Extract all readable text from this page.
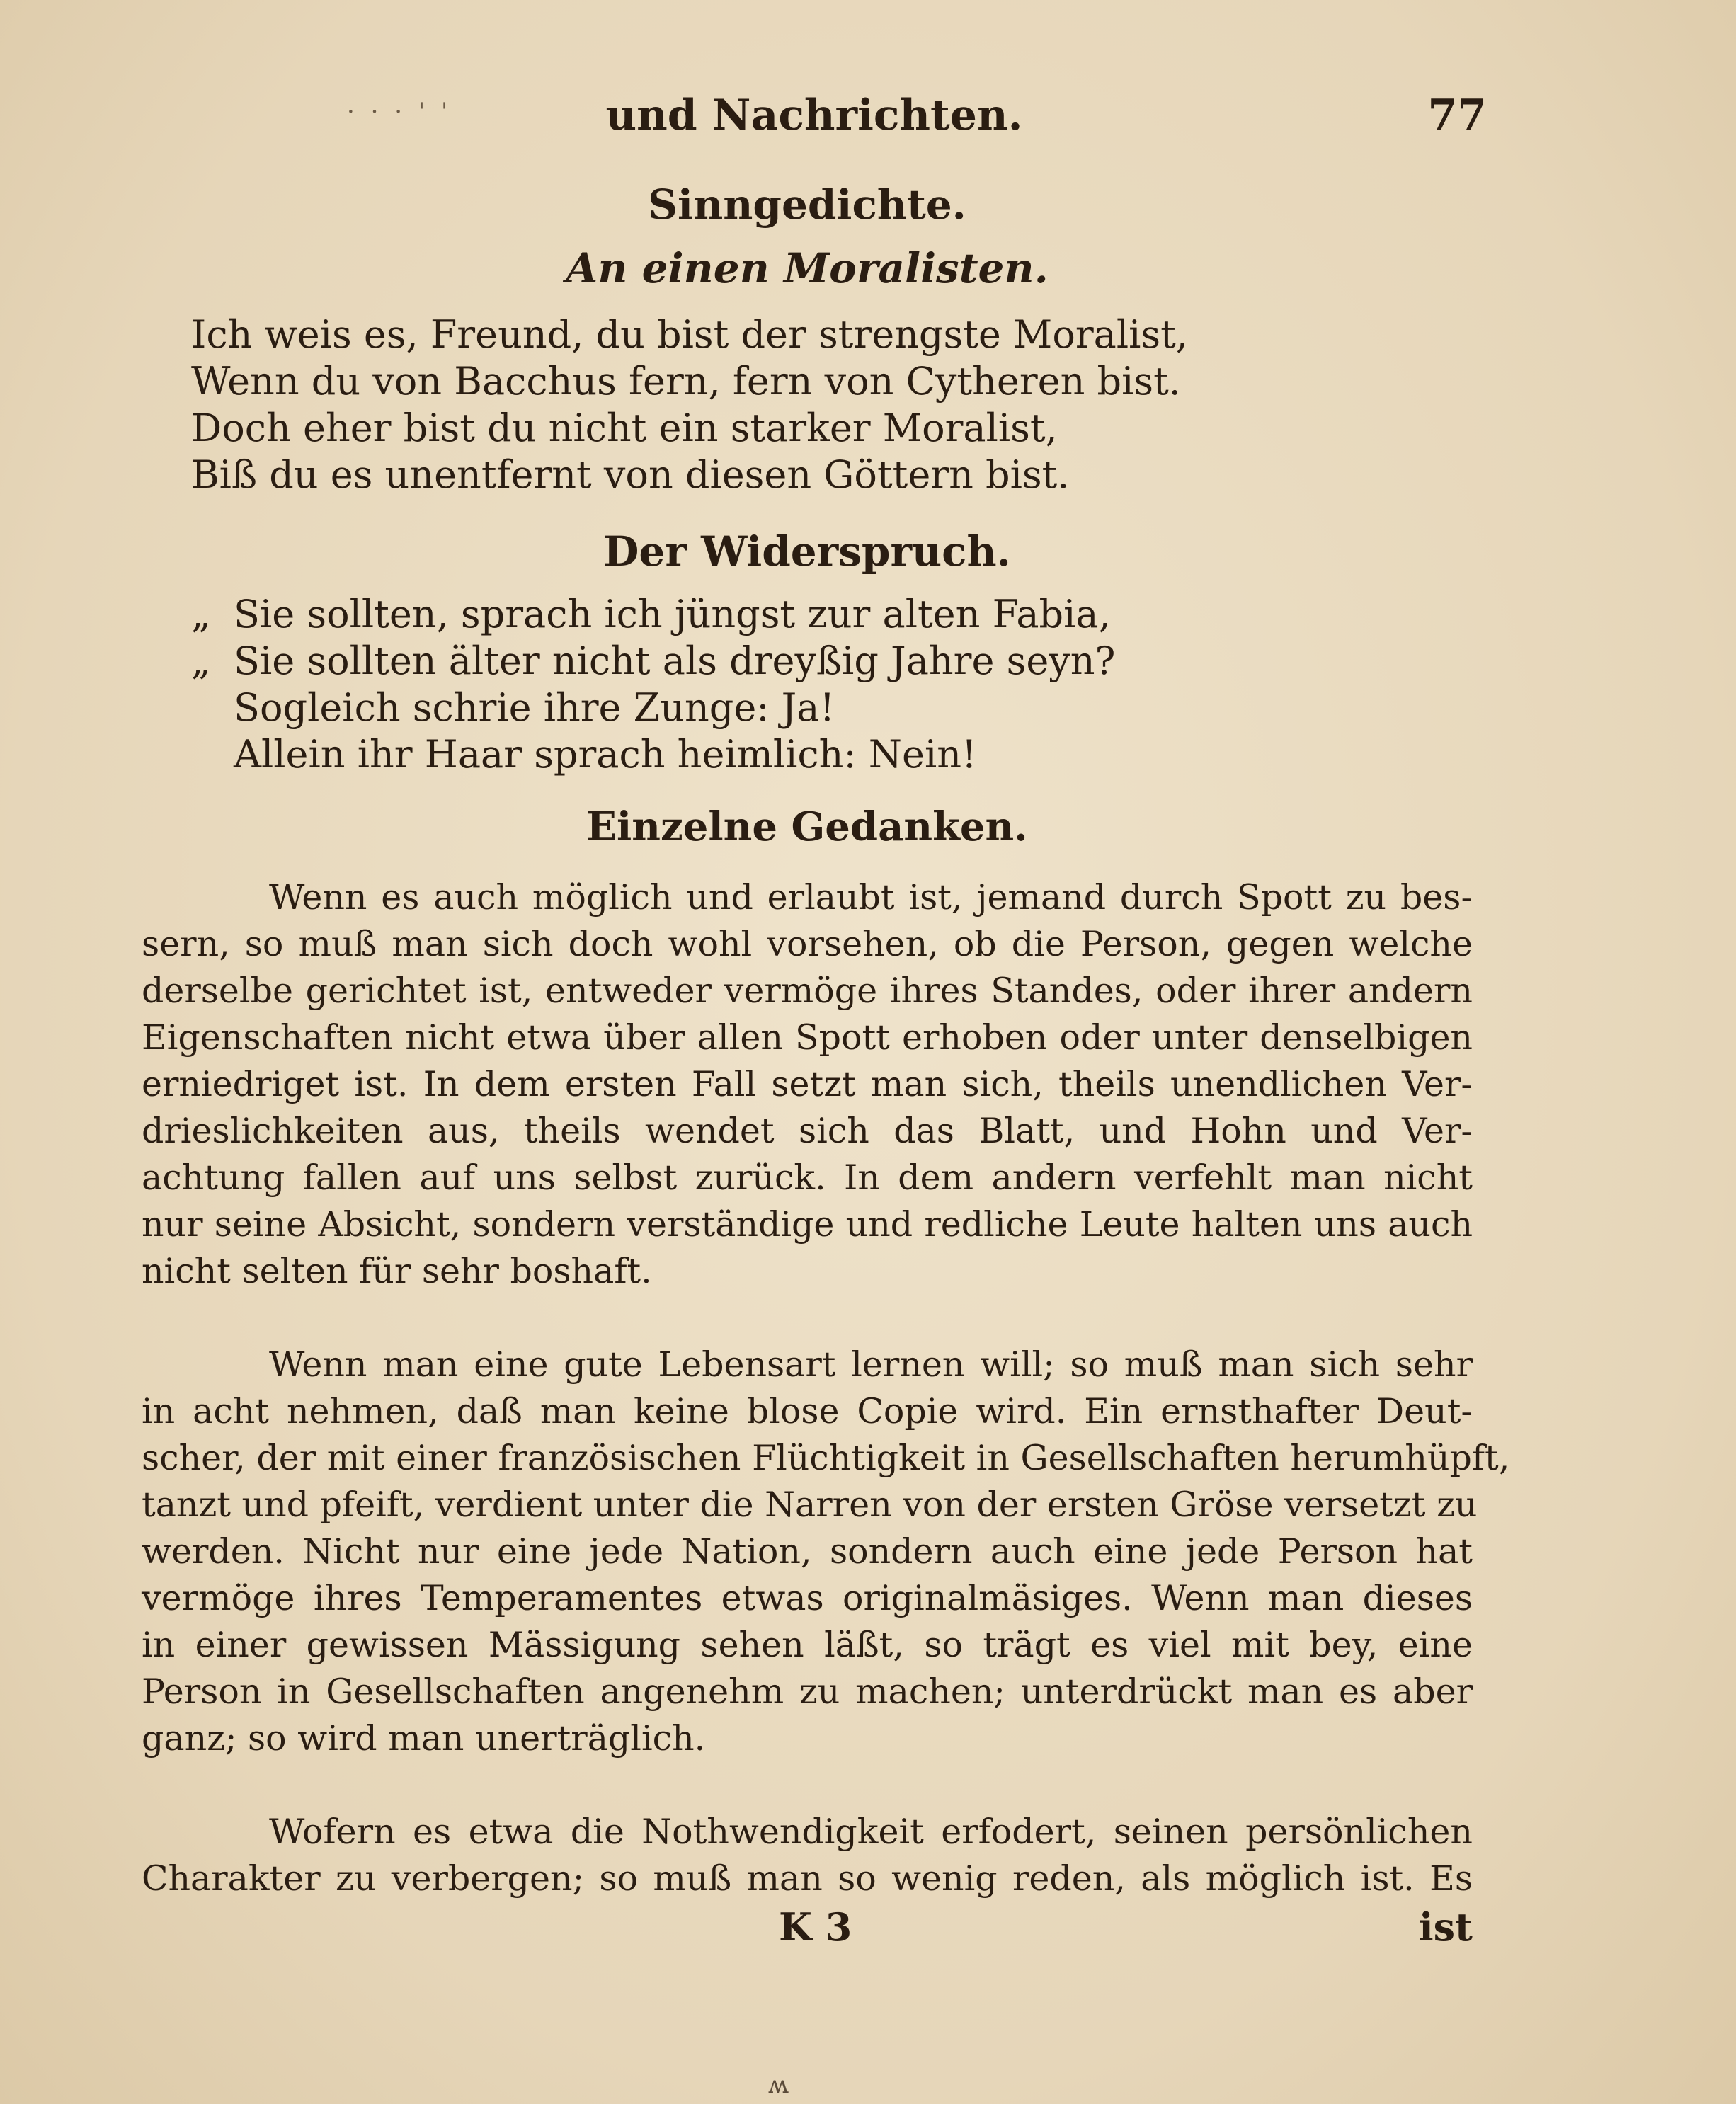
· · · ' '	und Nachrichten.	77
Sinngedichte.
An einen Moralisten.
Ich weis es, Freund, du bist der strengste Moralist,
Wenn du von Bacchus fern, fern von Cytheren bist.
Doch eher bist du nicht ein starker Moralist,
Biß du es unentfernt von diesen Göttern bist.
Der Widerspruch.
„ Sie sollten, sprach ich jüngst zur alten Fabia,
„ Sie sollten älter nicht als dreyßig Jahre seyn?
Sogleich schrie ihre Zunge: Ja!
Allein ihr Haar sprach heimlich: Nein!
Einzelne Gedanken.
Wenn es auch möglich und erlaubt ist, jemand durch Spott zu bes-
sern, so muß man sich doch wohl vorsehen, ob die Person, gegen welche
derselbe gerichtet ist, entweder vermöge ihres Standes, oder ihrer andern
Eigenschaften nicht etwa über allen Spott erhoben oder unter denselbigen
erniedriget ist. In dem ersten Fall setzt man sich, theils unendlichen Ver-
drieslichkeiten aus, theils wendet sich das Blatt, und Hohn und Ver-
achtung fallen auf uns selbst zurück. In dem andern verfehlt man nicht
nur seine Absicht, sondern verständige und redliche Leute halten uns auch
nicht selten für sehr boshaft.
Wenn man eine gute Lebensart lernen will; so muß man sich sehr
in acht nehmen, daß man keine blose Copie wird. Ein ernsthafter Deut-
scher, der mit einer französischen Flüchtigkeit in Gesellschaften herumhüpft,
tanzt und pfeift, verdient unter die Narren von der ersten Gröse versetzt zu
werden. Nicht nur eine jede Nation, sondern auch eine jede Person hat
vermöge ihres Temperamentes etwas originalmäsiges. Wenn man dieses
in einer gewissen Mässigung sehen läßt, so trägt es viel mit bey, eine
Person in Gesellschaften angenehm zu machen; unterdrückt man es aber
ganz; so wird man unerträglich.
Wofern es etwa die Nothwendigkeit erfodert, seinen persönlichen
Charakter zu verbergen; so muß man so wenig reden, als möglich ist. Es
K 3	ist
ʍ
